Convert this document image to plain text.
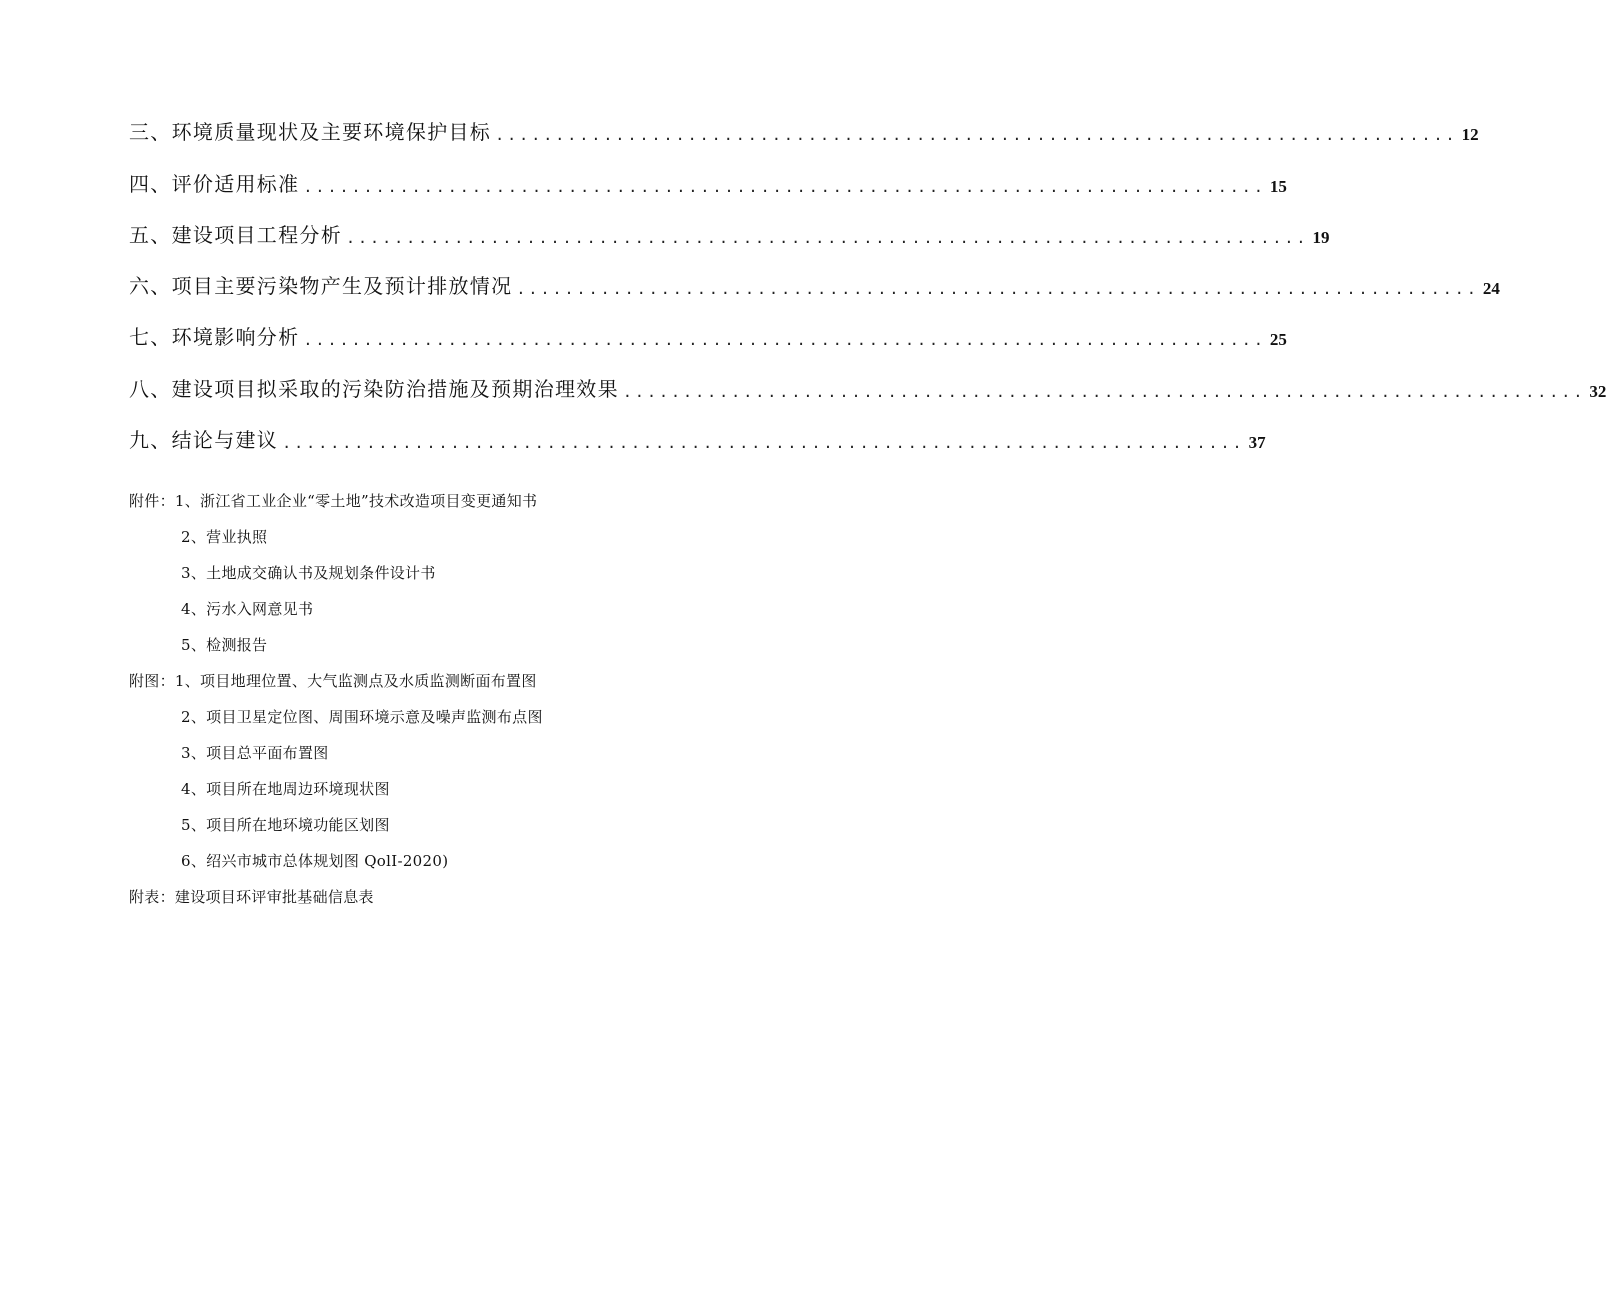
三、环境质量现状及主要环境保护目标 ................................................................................ 12
四、评价适用标准 ................................................................................ 15
五、建设项目工程分析 ................................................................................ 19
六、项目主要污染物产生及预计排放情况 ................................................................................ 24
七、环境影响分析 ................................................................................ 25
八、建设项目拟采取的污染防治措施及预期治理效果 ................................................................................ 32
九、结论与建议 ................................................................................ 37
附件：1、浙江省工业企业“零土地”技术改造项目变更通知书
2、营业执照
3、土地成交确认书及规划条件设计书
4、污水入网意见书
5、检测报告
附图：1、项目地理位置、大气监测点及水质监测断面布置图
2、项目卫星定位图、周围环境示意及噪声监测布点图
3、项目总平面布置图
4、项目所在地周边环境现状图
5、项目所在地环境功能区划图
6、绍兴市城市总体规划图 QolI-2020)
附表：建设项目环评审批基础信息表
